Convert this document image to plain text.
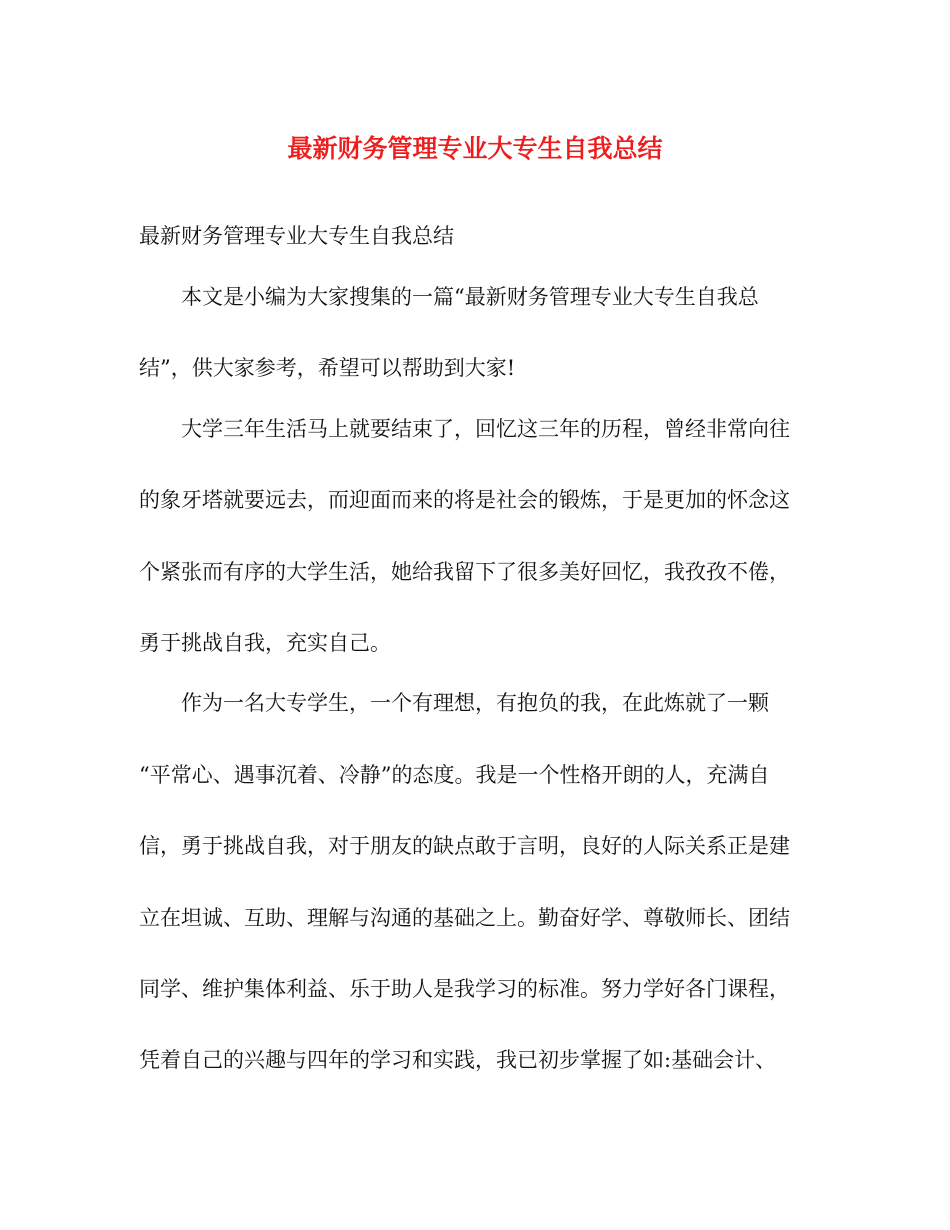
最新财务管理专业大专生自我总结

最新财务管理专业大专生自我总结

本文是小编为大家搜集的一篇“最新财务管理专业大专生自我总

结”，供大家参考，希望可以帮助到大家!

大学三年生活马上就要结束了，回忆这三年的历程，曾经非常向往

的象牙塔就要远去，而迎面而来的将是社会的锻炼，于是更加的怀念这

个紧张而有序的大学生活，她给我留下了很多美好回忆，我孜孜不倦，

勇于挑战自我，充实自己。

作为一名大专学生，一个有理想，有抱负的我，在此炼就了一颗

“平常心、遇事沉着、冷静”的态度。我是一个性格开朗的人，充满自

信，勇于挑战自我，对于朋友的缺点敢于言明，良好的人际关系正是建

立在坦诚、互助、理解与沟通的基础之上。勤奋好学、尊敬师长、团结

同学、维护集体利益、乐于助人是我学习的标准。努力学好各门课程，

凭着自己的兴趣与四年的学习和实践，我已初步掌握了如:基础会计、
